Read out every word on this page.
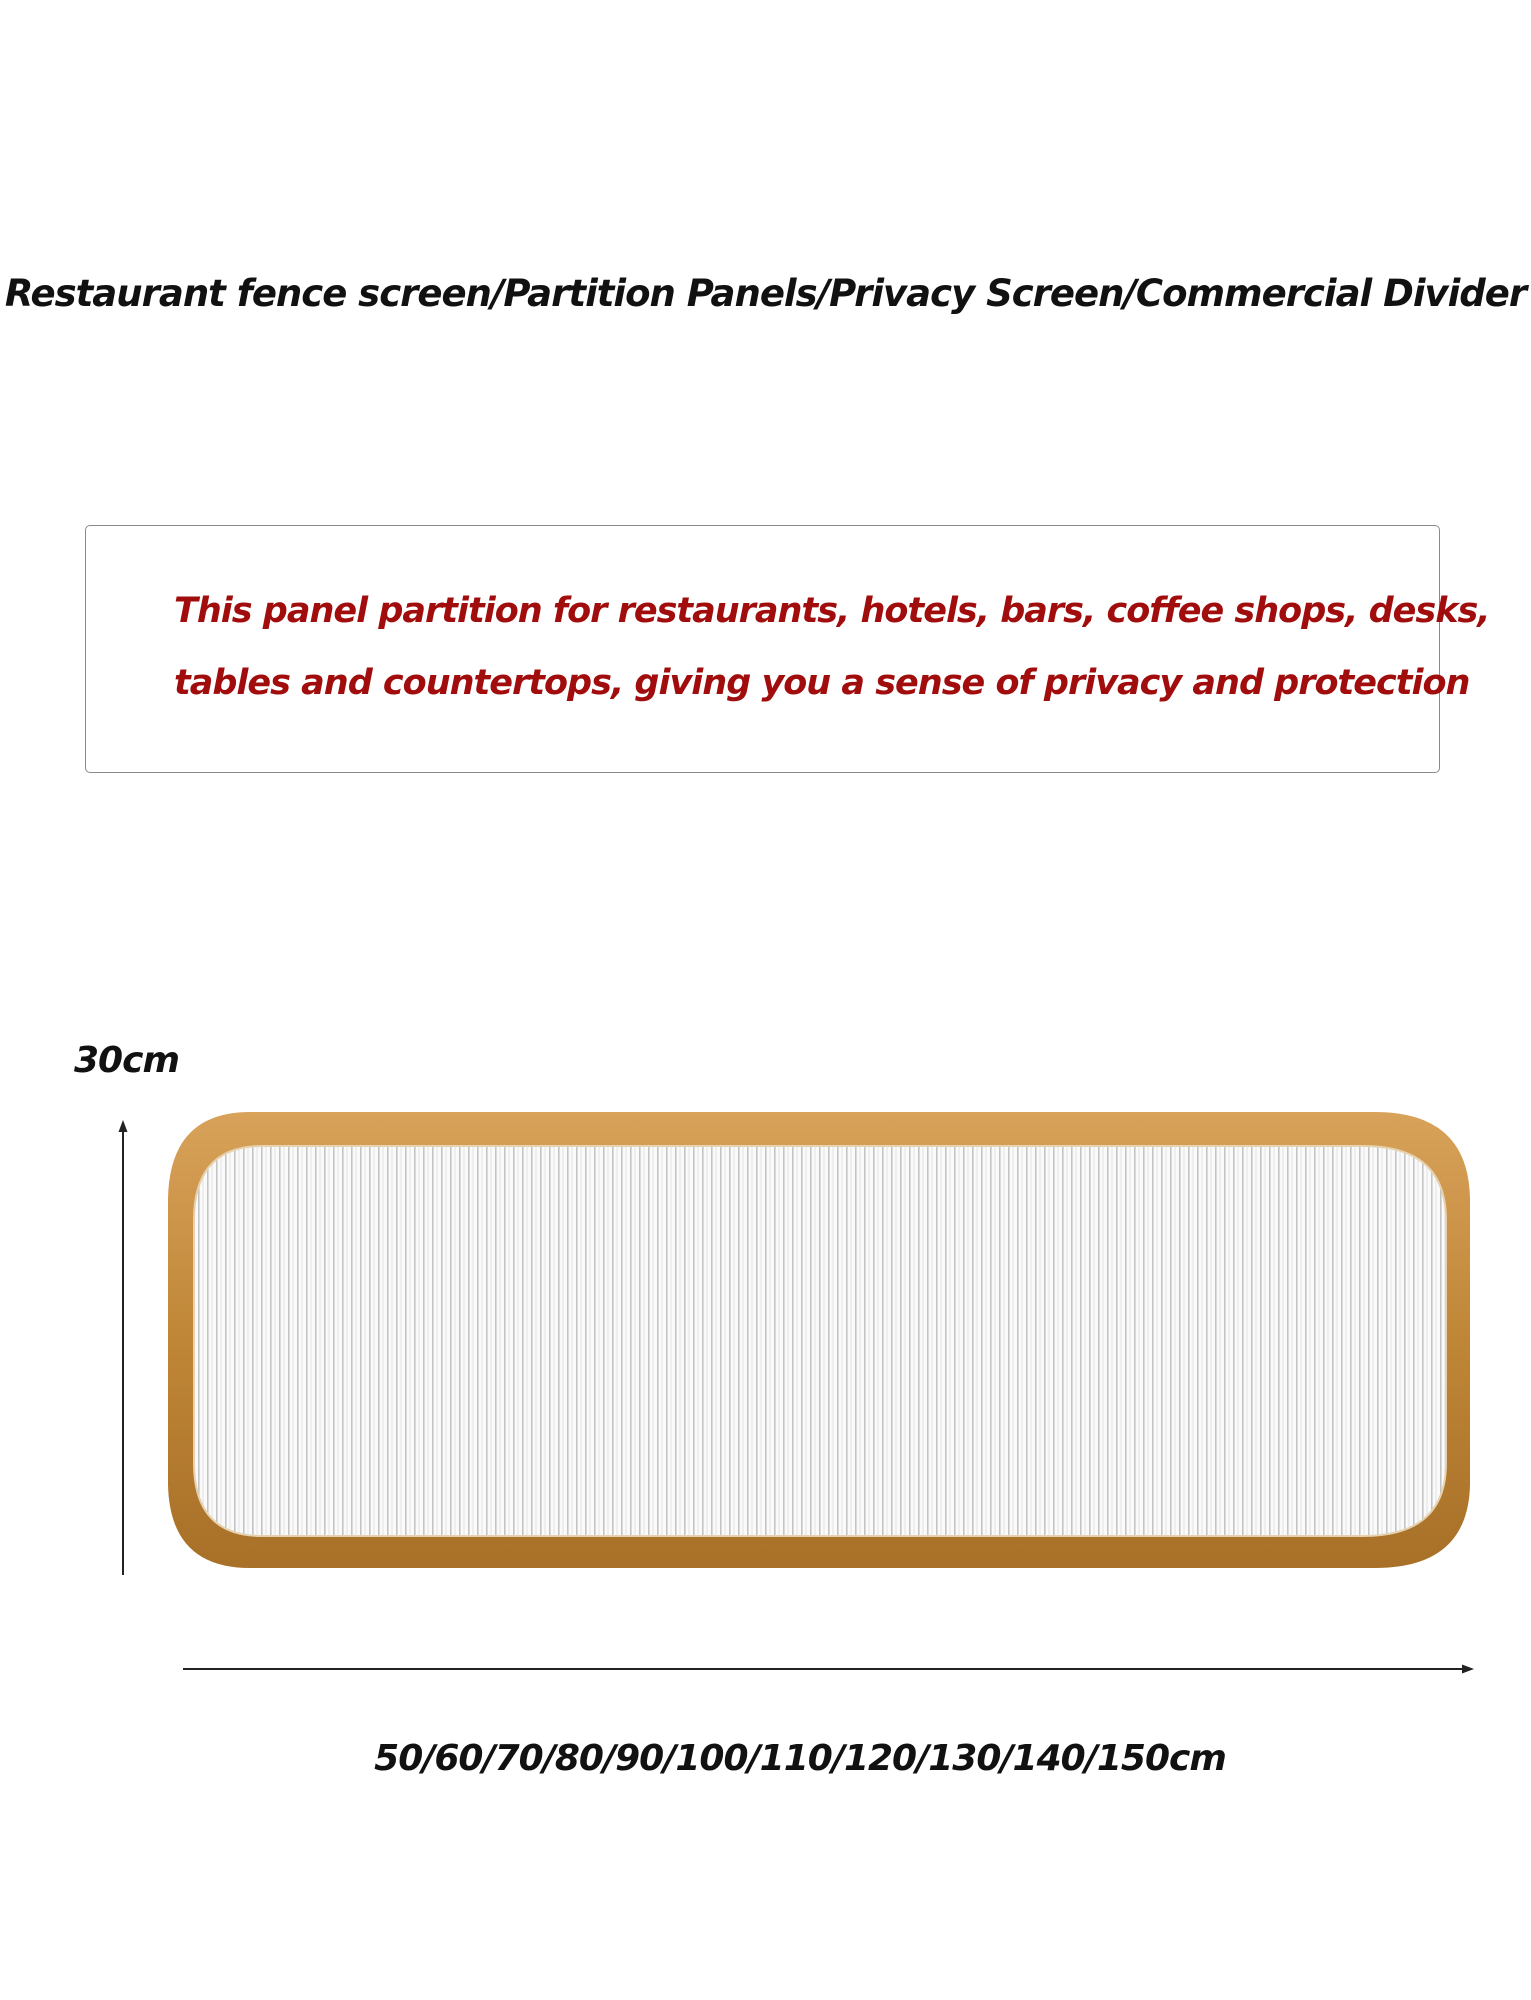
Restaurant fence screen/Partition Panels/Privacy Screen/Commercial Divider
This panel partition for restaurants, hotels, bars, coffee shops, desks,
tables and countertops, giving you a sense of privacy and protection
30cm
50/60/70/80/90/100/110/120/130/140/150cm
